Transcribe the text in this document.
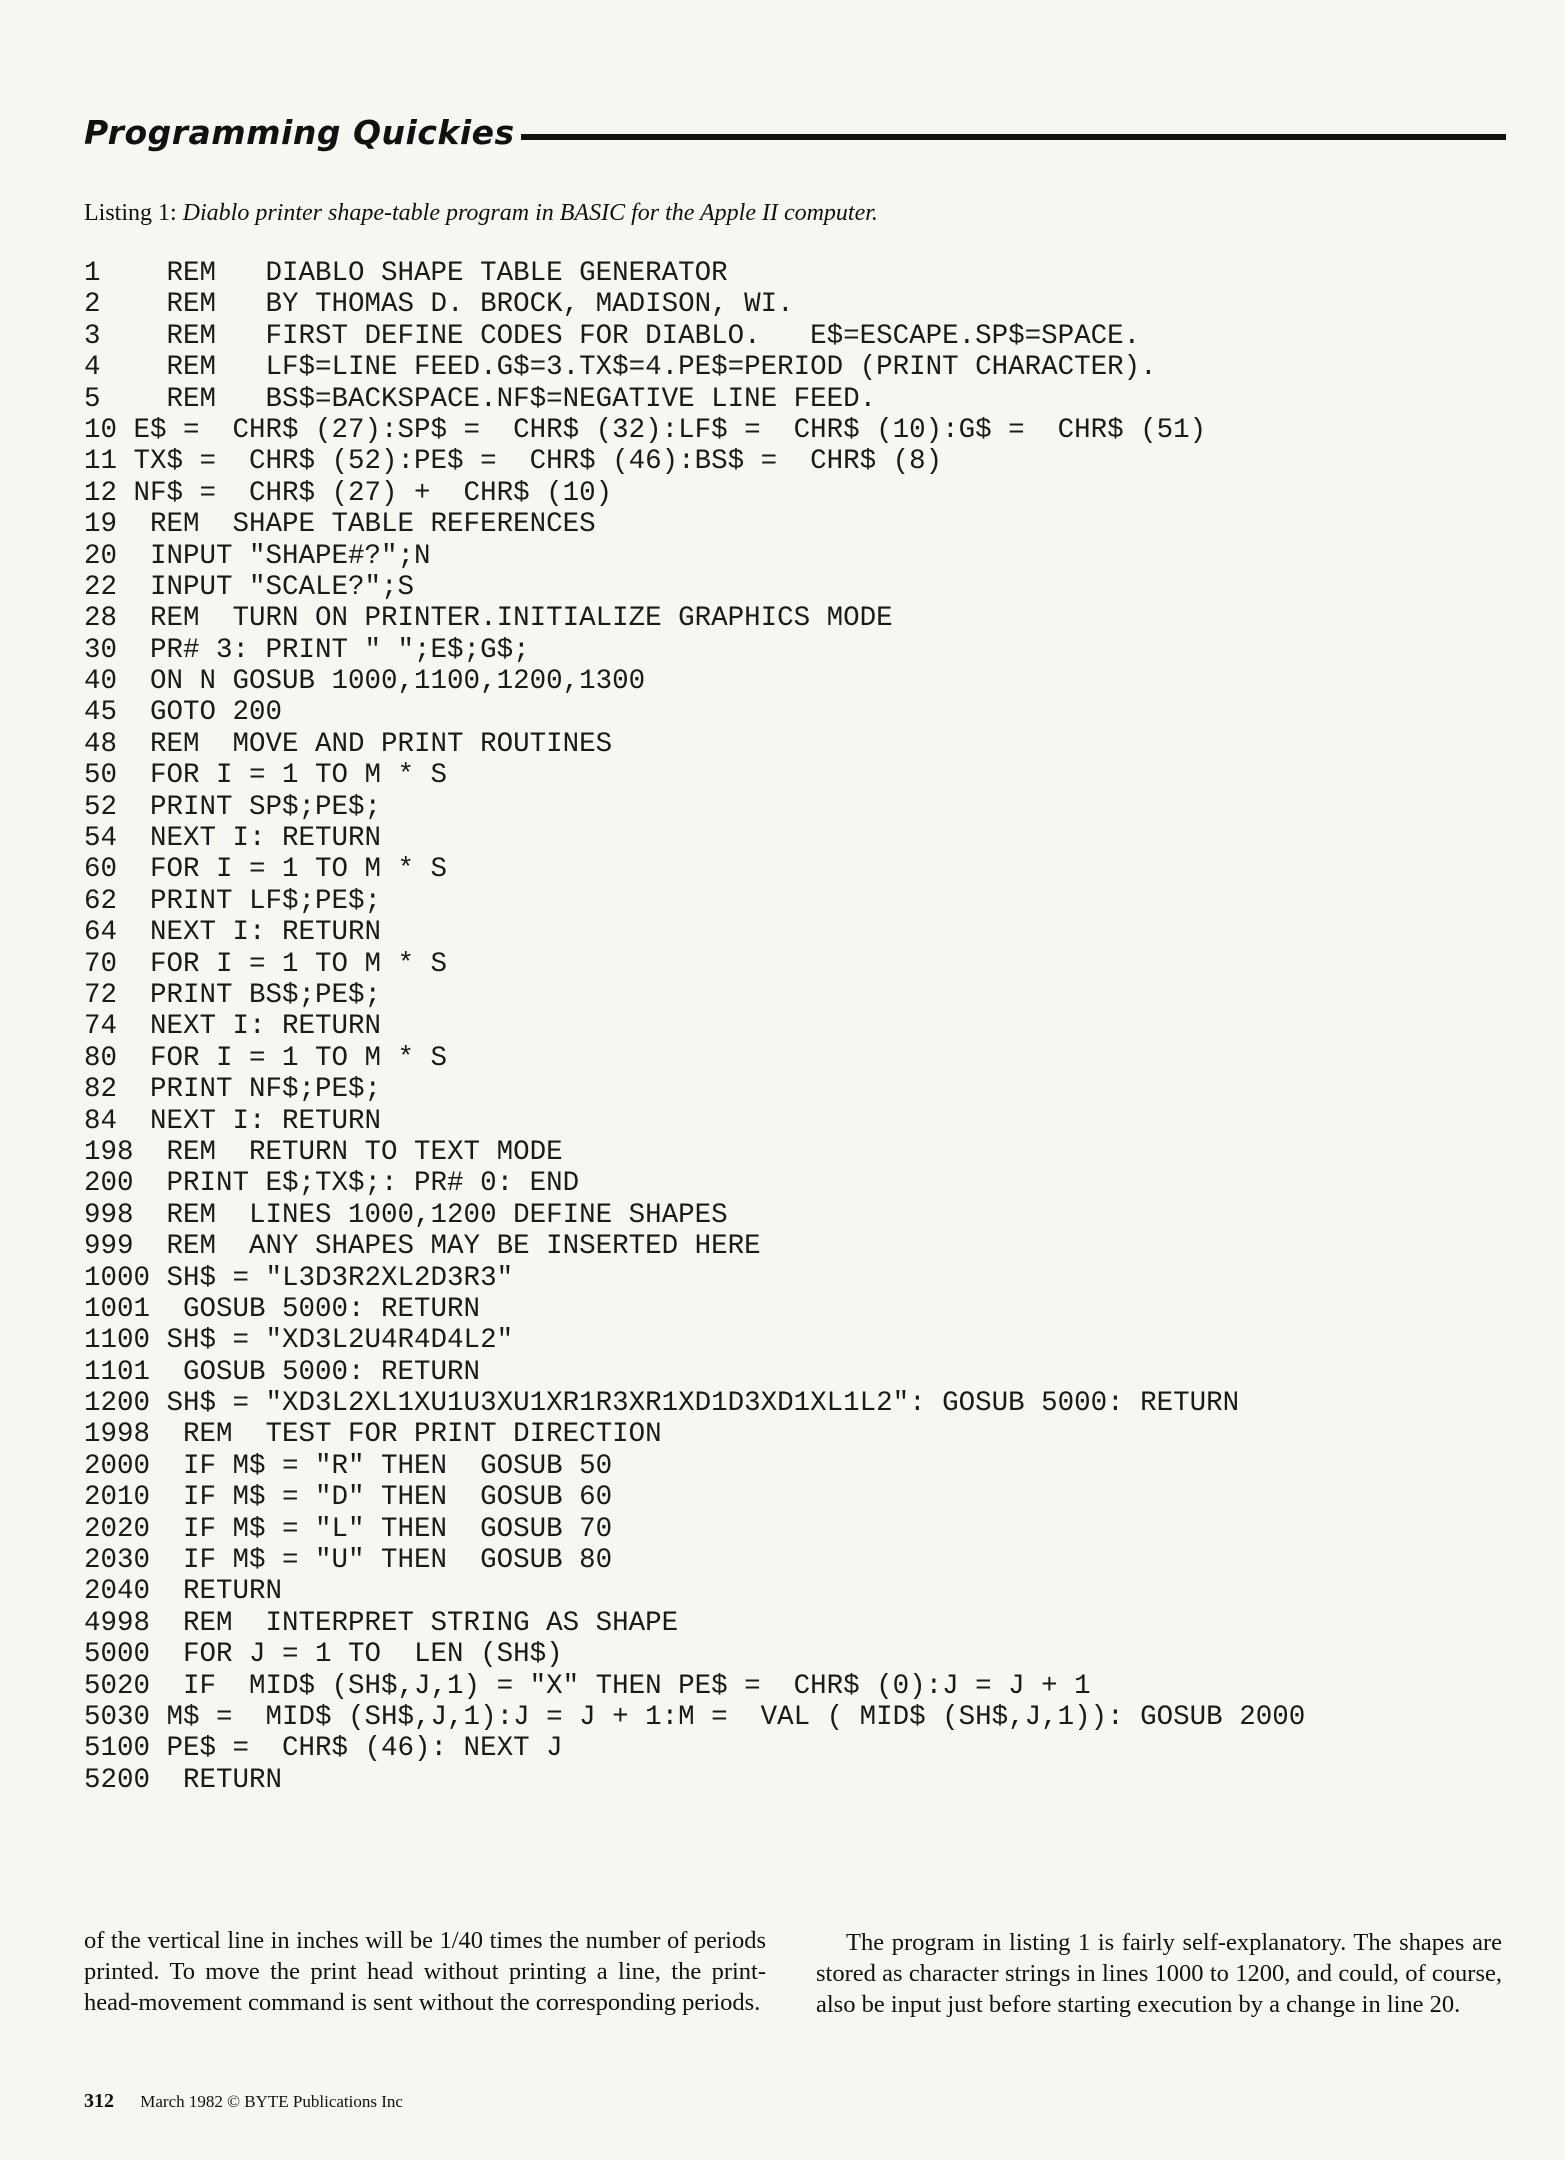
Programming Quickies
Listing 1: Diablo printer shape-table program in BASIC for the Apple II computer.
1    REM   DIABLO SHAPE TABLE GENERATOR
2    REM   BY THOMAS D. BROCK, MADISON, WI.
3    REM   FIRST DEFINE CODES FOR DIABLO.   E$=ESCAPE.SP$=SPACE.
4    REM   LF$=LINE FEED.G$=3.TX$=4.PE$=PERIOD (PRINT CHARACTER).
5    REM   BS$=BACKSPACE.NF$=NEGATIVE LINE FEED.
10 E$ =  CHR$ (27):SP$ =  CHR$ (32):LF$ =  CHR$ (10):G$ =  CHR$ (51)
11 TX$ =  CHR$ (52):PE$ =  CHR$ (46):BS$ =  CHR$ (8)
12 NF$ =  CHR$ (27) +  CHR$ (10)
19  REM  SHAPE TABLE REFERENCES
20  INPUT "SHAPE#?";N
22  INPUT "SCALE?";S
28  REM  TURN ON PRINTER.INITIALIZE GRAPHICS MODE
30  PR# 3: PRINT " ";E$;G$;
40  ON N GOSUB 1000,1100,1200,1300
45  GOTO 200
48  REM  MOVE AND PRINT ROUTINES
50  FOR I = 1 TO M * S
52  PRINT SP$;PE$;
54  NEXT I: RETURN
60  FOR I = 1 TO M * S
62  PRINT LF$;PE$;
64  NEXT I: RETURN
70  FOR I = 1 TO M * S
72  PRINT BS$;PE$;
74  NEXT I: RETURN
80  FOR I = 1 TO M * S
82  PRINT NF$;PE$;
84  NEXT I: RETURN
198  REM  RETURN TO TEXT MODE
200  PRINT E$;TX$;: PR# 0: END
998  REM  LINES 1000,1200 DEFINE SHAPES
999  REM  ANY SHAPES MAY BE INSERTED HERE
1000 SH$ = "L3D3R2XL2D3R3"
1001  GOSUB 5000: RETURN
1100 SH$ = "XD3L2U4R4D4L2"
1101  GOSUB 5000: RETURN
1200 SH$ = "XD3L2XL1XU1U3XU1XR1R3XR1XD1D3XD1XL1L2": GOSUB 5000: RETURN
1998  REM  TEST FOR PRINT DIRECTION
2000  IF M$ = "R" THEN  GOSUB 50
2010  IF M$ = "D" THEN  GOSUB 60
2020  IF M$ = "L" THEN  GOSUB 70
2030  IF M$ = "U" THEN  GOSUB 80
2040  RETURN
4998  REM  INTERPRET STRING AS SHAPE
5000  FOR J = 1 TO  LEN (SH$)
5020  IF  MID$ (SH$,J,1) = "X" THEN PE$ =  CHR$ (0):J = J + 1
5030 M$ =  MID$ (SH$,J,1):J = J + 1:M =  VAL ( MID$ (SH$,J,1)): GOSUB 2000
5100 PE$ =  CHR$ (46): NEXT J
5200  RETURN
of the vertical line in inches will be 1/40 times the number of periods printed. To move the print head without printing a line, the print-head-movement command is sent without the corresponding periods.
The program in listing 1 is fairly self-explanatory. The shapes are stored as character strings in lines 1000 to 1200, and could, of course, also be input just before starting execution by a change in line 20.
312 March 1982 © BYTE Publications Inc
